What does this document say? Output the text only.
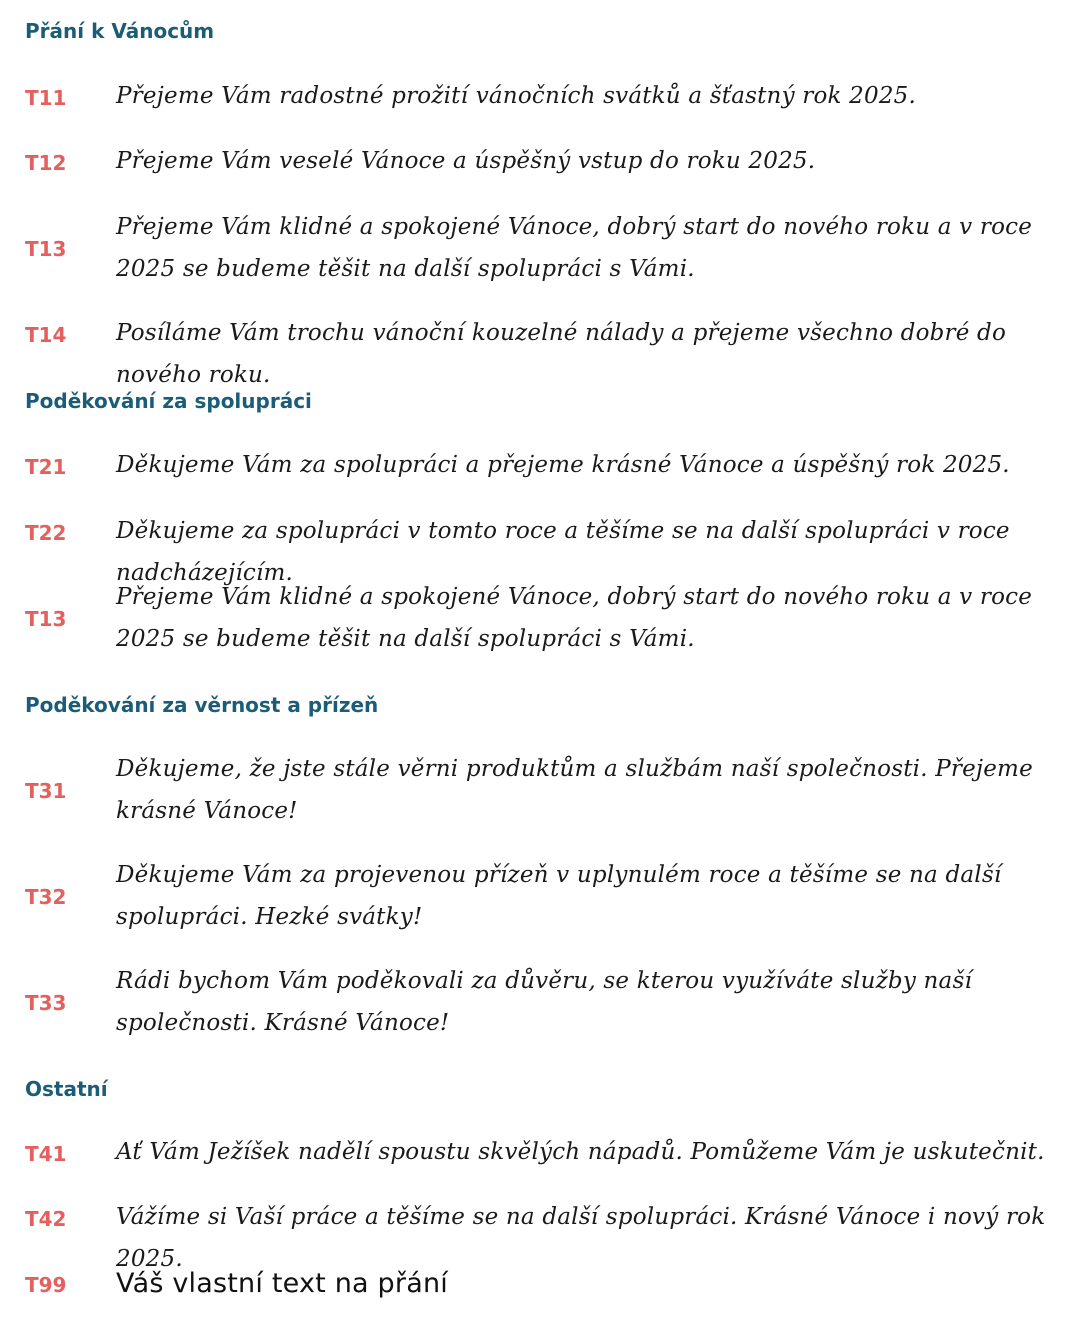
Přání k Vánocům
T11 Přejeme Vám radostné prožití vánočních svátků a šťastný rok 2025.
T12 Přejeme Vám veselé Vánoce a úspěšný vstup do roku 2025.
T13
Přejeme Vám klidné a spokojené Vánoce, dobrý start do nového roku a v roce 2025 se budeme těšit na další spolupráci s Vámi.
T14 Posíláme Vám trochu vánoční kouzelné nálady a přejeme všechno dobré do nového roku.
Poděkování za spolupráci
T21 Děkujeme Vám za spolupráci a přejeme krásné Vánoce a úspěšný rok 2025.
T22 Děkujeme za spolupráci v tomto roce a těšíme se na další spolupráci v roce nadcházejícím.
T13
Přejeme Vám klidné a spokojené Vánoce, dobrý start do nového roku a v roce 2025 se budeme těšit na další spolupráci s Vámi.
Poděkování za věrnost a přízeň
T31
Děkujeme, že jste stále věrni produktům a službám naší společnosti. Přejeme krásné Vánoce!
T32
Děkujeme Vám za projevenou přízeň v uplynulém roce a těšíme se na další spolupráci. Hezké svátky!
T33
Rádi bychom Vám poděkovali za důvěru, se kterou využíváte služby naší společnosti. Krásné Vánoce!
Ostatní
T41 Ať Vám Ježíšek nadělí spoustu skvělých nápadů. Pomůžeme Vám je uskutečnit.
T42 Vážíme si Vaší práce a těšíme se na další spolupráci. Krásné Vánoce i nový rok 2025.
T99 Váš vlastní text na přání
